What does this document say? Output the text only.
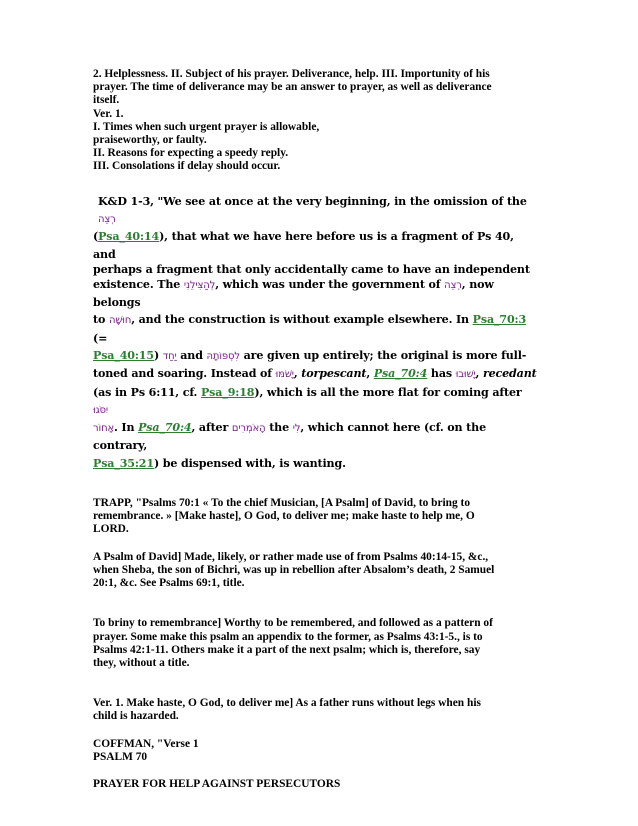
2. Helplessness. II. Subject of his prayer. Deliverance, help. III. Importunity of his

prayer. The time of deliverance may be an answer to prayer, as well as deliverance

itself.

Ver. 1.

I. Times when such urgent prayer is allowable,

praiseworthy, or faulty.

II. Reasons for expecting a speedy reply.

III. Consolations if delay should occur.

K&D 1-3, "We see at once at the very beginning, in the omission of the רְצֵה

(Psa_40:14), that what we have here before us is a fragment of Ps 40, and

perhaps a fragment that only accidentally came to have an independent

existence. The לְהַצִּילֵנִי, which was under the government of רְצֵה, now belongs

to חוּשָׁה, and the construction is without example elsewhere. In Psa_70:3 (=

Psa_40:15) יַחַד and לִסְפּוֹתָהּ are given up entirely; the original is more full-

toned and soaring. Instead of יָשֹׁמּוּ, torpescant, Psa_70:4 has יָשׁוּבוּ, recedant

(as in Ps 6:11, cf. Psa_9:18), which is all the more flat for coming after יִסֹּגוּ

אָחוֹר. In Psa_70:4, after הָאֹמְרִים the לִי, which cannot here (cf. on the contrary,

Psa_35:21) be dispensed with, is wanting.

TRAPP, "Psalms 70:1 « To the chief Musician, [A Psalm] of David, to bring to

remembrance. » [Make haste], O God, to deliver me; make haste to help me, O

LORD.

A Psalm of David] Made, likely, or rather made use of from Psalms 40:14-15, &c.,

when Sheba, the son of Bichri, was up in rebellion after Absalom’s death, 2 Samuel

20:1, &c. See Psalms 69:1, title.

To briny to remembrance] Worthy to be remembered, and followed as a pattern of

prayer. Some make this psalm an appendix to the former, as Psalms 43:1-5., is to

Psalms 42:1-11. Others make it a part of the next psalm; which is, therefore, say

they, without a title.

Ver. 1. Make haste, O God, to deliver me] As a father runs without legs when his

child is hazarded.

COFFMAN, "Verse 1

PSALM 70

PRAYER FOR HELP AGAINST PERSECUTORS
